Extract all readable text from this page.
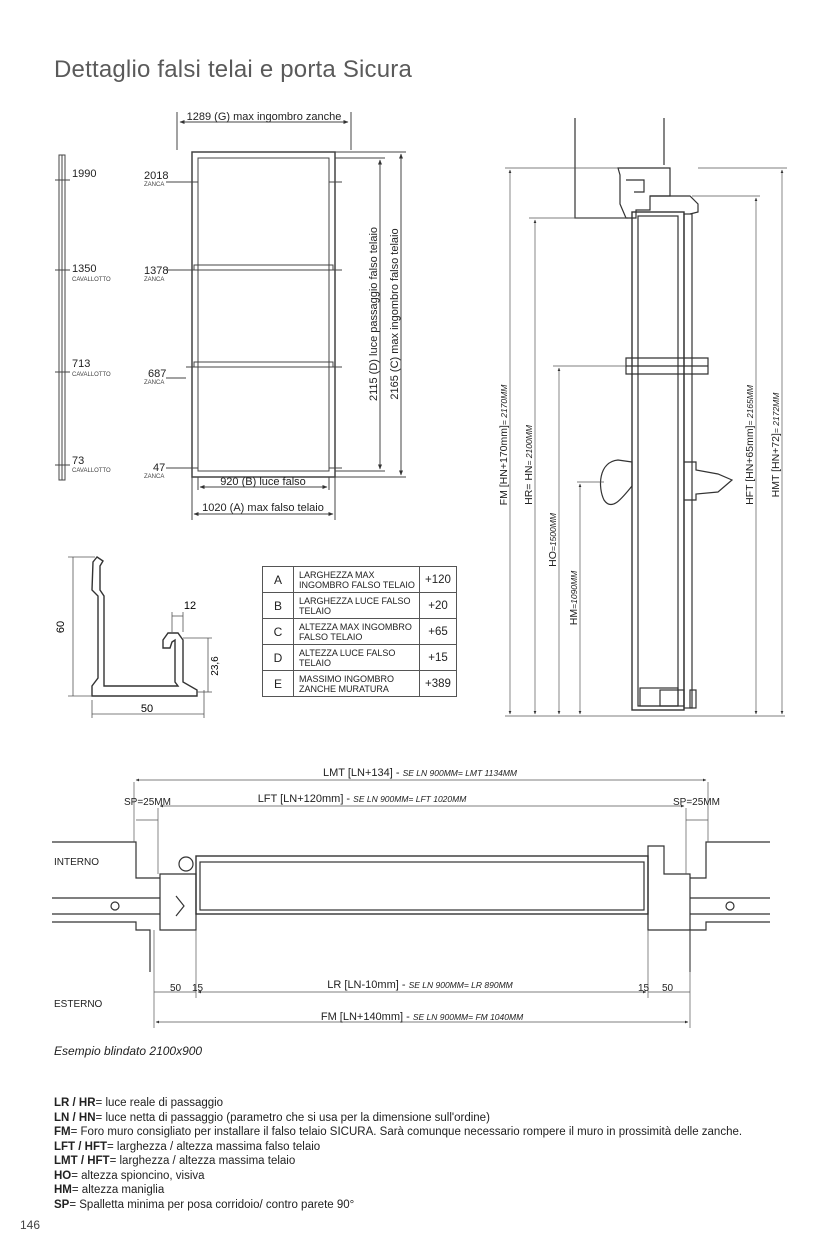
Dettaglio falsi telai e porta Sicura
1289 (G) max ingombro zanche
920 (B) luce falso
1020 (A) max falso telaio
2115 (D) luce passaggio falso telaio 2165 (C) max ingombro falso telaio
1990
1350
CAVALLOTTO
713
CAVALLOTTO
73
CAVALLOTTO
2018
ZANCA
1378
ZANCA
687
ZANCA
47
ZANCA
60
50
12
23,6
A	LARGHEZZA MAX INGOMBRO FALSO TELAIO	+120
B	LARGHEZZA LUCE FALSO TELAIO	+20
C	ALTEZZA MAX INGOMBRO FALSO TELAIO	+65
D	ALTEZZA LUCE FALSO TELAIO	+15
E	MASSIMO INGOMBRO ZANCHE MURATURA	+389
FM [HN+170mm]= 2170MM
HR= HN= 2100MM
HO=1500MM
HM=1090MM
HFT [HN+65mm]= 2165MM
HMT [HN+72]= 2172MM
LMT [LN+134] - SE LN 900MM= LMT 1134MM
LFT [LN+120mm] - SE LN 900MM= LFT 1020MM
SP=25MM	SP=25MM
INTERNO
ESTERNO
LR [LN-10mm] - SE LN 900MM= LR 890MM
FM [LN+140mm] - SE LN 900MM= FM 1040MM
50 15	15 50
Esempio blindato 2100x900
LR / HR= luce reale di passaggio
LN / HN= luce netta di passaggio (parametro che si usa per la dimensione sull'ordine)
FM= Foro muro consigliato per installare il falso telaio SICURA. Sarà comunque necessario rompere il muro in prossimità delle zanche.
LFT / HFT= larghezza / altezza massima falso telaio
LMT / HFT= larghezza / altezza massima telaio
HO= altezza spioncino, visiva
HM= altezza maniglia
SP= Spalletta minima per posa corridoio/ contro parete 90°
146
